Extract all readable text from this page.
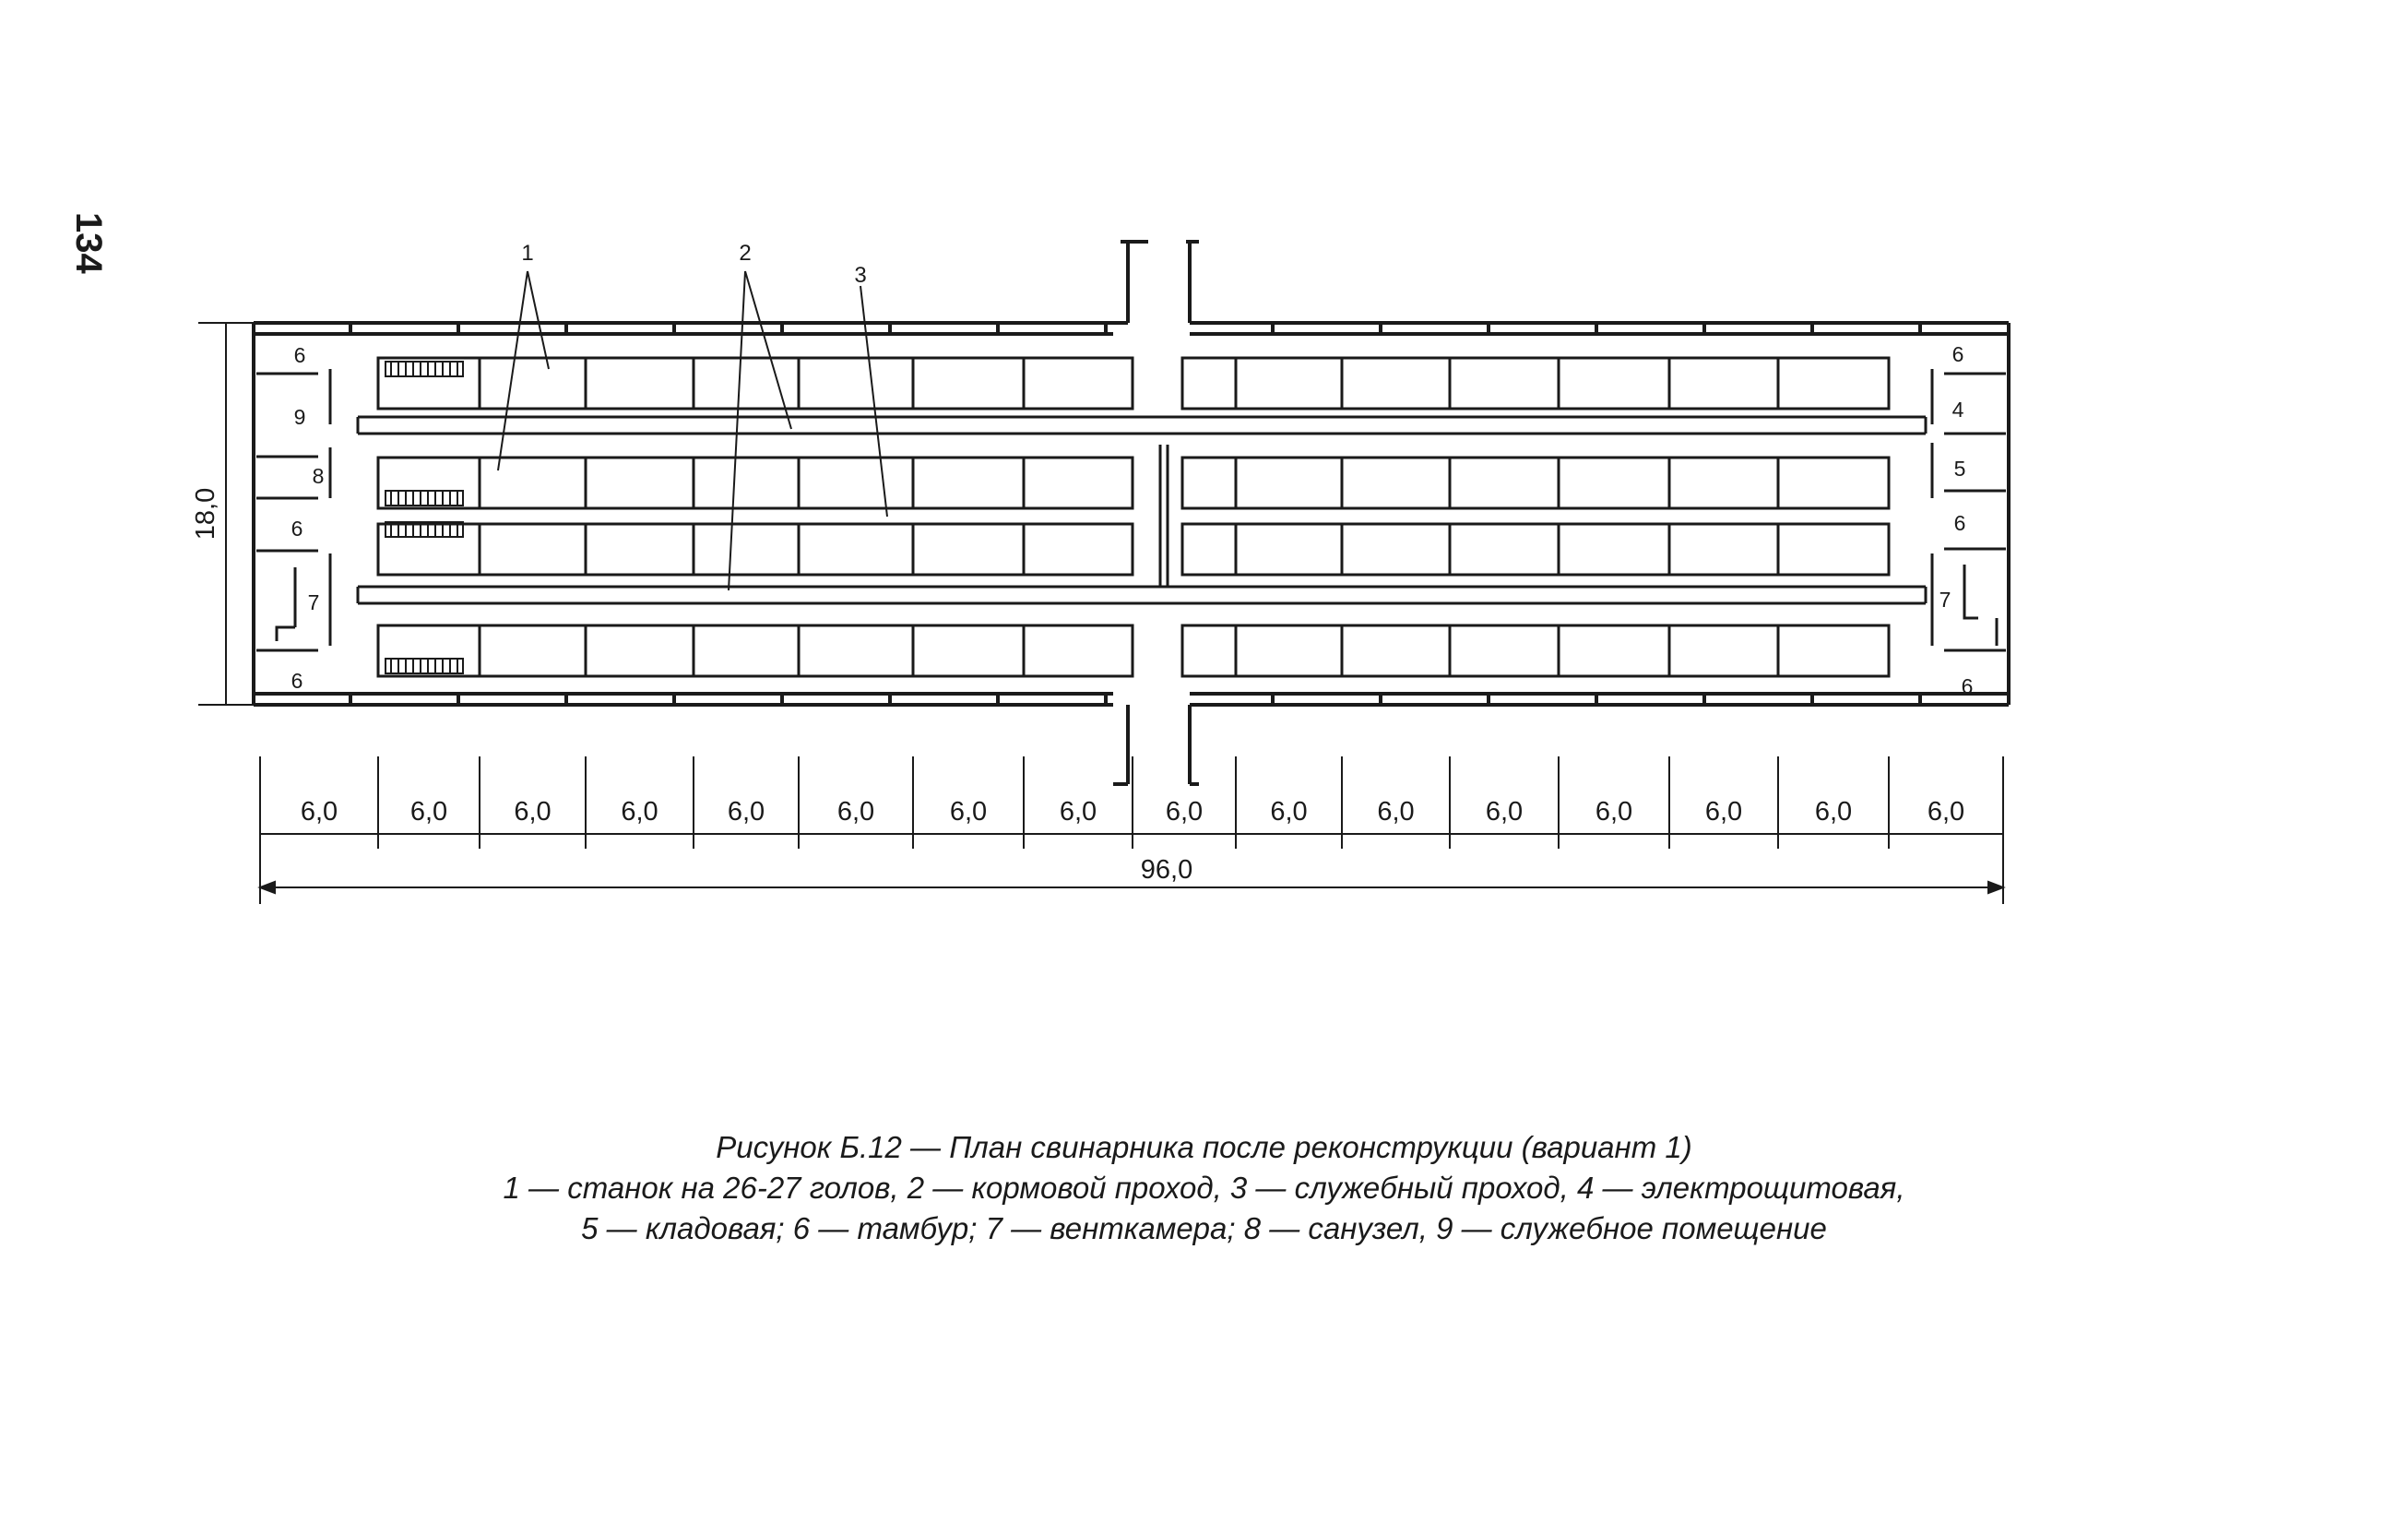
134	1	2
3
6
9
8
6
7
6
6
4
5
6
7
6
18,0
6,0	6,0 6,0	6,0	6,0	6,0	6,0	6,0	6,0	6,0	6,0	6,0	6,0	6,0	6,0	6,0
96,0
Рисунок Б.12 — План свинарника после реконструкции (вариант 1)
1 — станок на 26-27 голов, 2 — кормовой проход, 3 — служебный проход, 4 — электрощитовая,
5 — кладовая; 6 — тамбур; 7 — венткамера; 8 — санузел, 9 — служебное помещение
